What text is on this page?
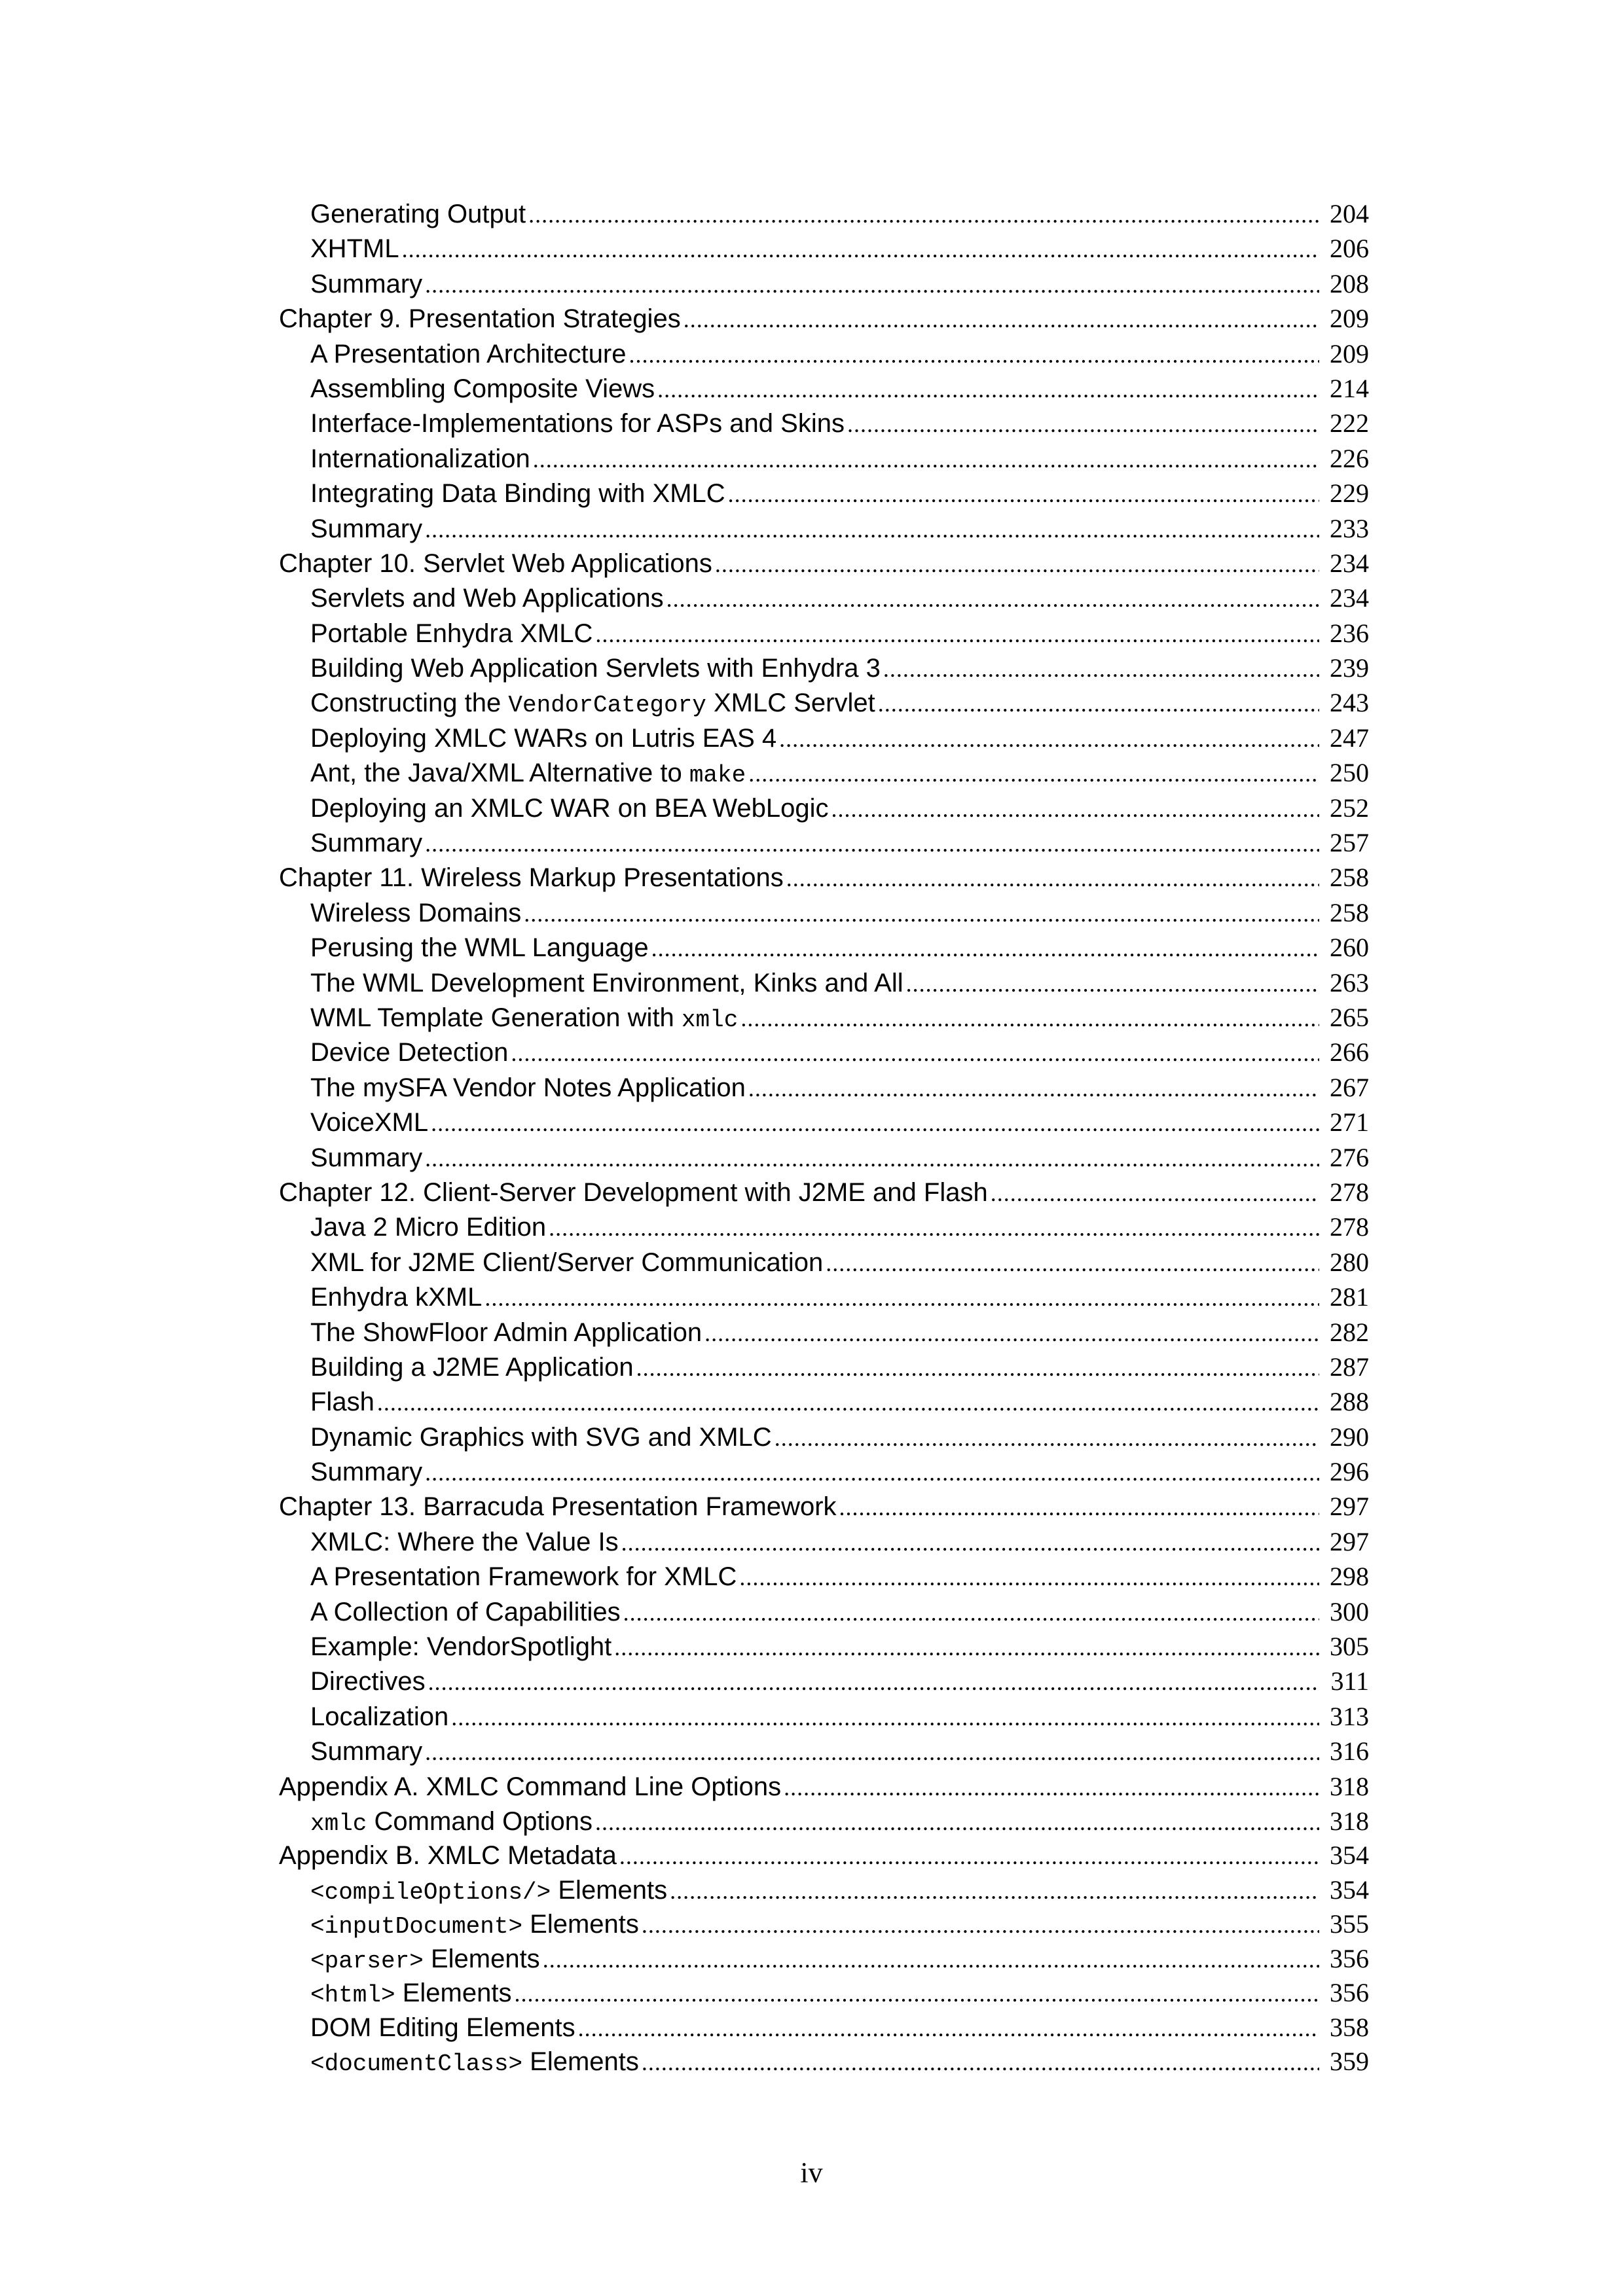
Generating Output .....	204
XHTML .....	206
Summary .....	208
Chapter 9. Presentation Strategies .....	209
A Presentation Architecture .....	209
Assembling Composite Views .....	214
Interface-Implementations for ASPs and Skins .....	222
Internationalization .....	226
Integrating Data Binding with XMLC .....	229
Summary .....	233
Chapter 10. Servlet Web Applications .....	234
Servlets and Web Applications .....	234
Portable Enhydra XMLC .....	236
Building Web Application Servlets with Enhydra 3 .....	239
Constructing the VendorCategory XMLC Servlet .....	243
Deploying XMLC WARs on Lutris EAS 4 .....	247
Ant, the Java/XML Alternative to make .....	250
Deploying an XMLC WAR on BEA WebLogic .....	252
Summary .....	257
Chapter 11. Wireless Markup Presentations .....	258
Wireless Domains .....	258
Perusing the WML Language .....	260
The WML Development Environment, Kinks and All .....	263
WML Template Generation with xmlc .....	265
Device Detection .....	266
The mySFA Vendor Notes Application .....	267
VoiceXML .....	271
Summary .....	276
Chapter 12. Client-Server Development with J2ME and Flash .....	278
Java 2 Micro Edition .....	278
XML for J2ME Client/Server Communication .....	280
Enhydra kXML .....	281
The ShowFloor Admin Application .....	282
Building a J2ME Application .....	287
Flash .....	288
Dynamic Graphics with SVG and XMLC .....	290
Summary .....	296
Chapter 13. Barracuda Presentation Framework .....	297
XMLC: Where the Value Is .....	297
A Presentation Framework for XMLC .....	298
A Collection of Capabilities .....	300
Example: VendorSpotlight .....	305
Directives .....	311
Localization .....	313
Summary .....	316
Appendix A. XMLC Command Line Options .....	318
xmlc Command Options .....	318
Appendix B. XMLC Metadata .....	354
<compileOptions/> Elements .....	354
<inputDocument> Elements .....	355
<parser> Elements .....	356
<html> Elements .....	356
DOM Editing Elements .....	358
<documentClass> Elements .....	359

iv
